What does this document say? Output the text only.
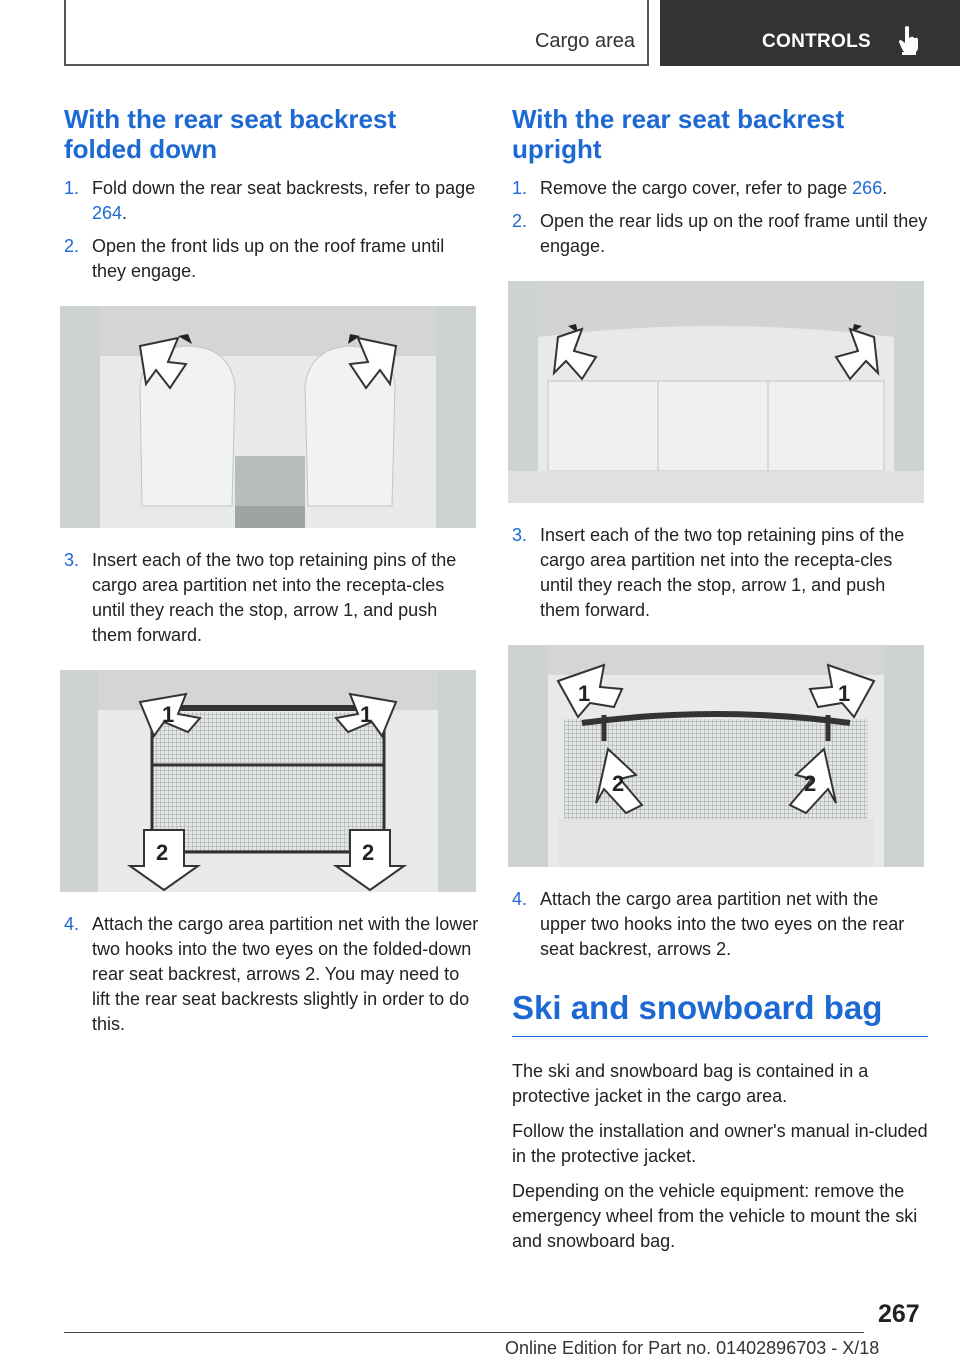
Cargo area	CONTROLS
With the rear seat backrest folded down
1. Fold down the rear seat backrests, refer to page 264.
2. Open the front lids up on the roof frame until they engage.
3. Insert each of the two top retaining pins of the cargo area partition net into the recepta‐cles until they reach the stop, arrow 1, and push them forward.
1	1
2	2
4. Attach the cargo area partition net with the lower two hooks into the two eyes on the folded-down rear seat backrest, arrows 2. You may need to lift the rear seat backrests slightly in order to do this.
With the rear seat backrest upright
1. Remove the cargo cover, refer to page 266.
2. Open the rear lids up on the roof frame until they engage.
3. Insert each of the two top retaining pins of the cargo area partition net into the recepta‐cles until they reach the stop, arrow 1, and push them forward.
1	1
2	2
4. Attach the cargo area partition net with the upper two hooks into the two eyes on the rear seat backrest, arrows 2.
Ski and snowboard bag

The ski and snowboard bag is contained in a protective jacket in the cargo area.

Follow the installation and owner's manual in‐cluded in the protective jacket.

Depending on the vehicle equipment: remove the emergency wheel from the vehicle to mount the ski and snowboard bag.

267
Online Edition for Part no. 01402896703 - X/18
